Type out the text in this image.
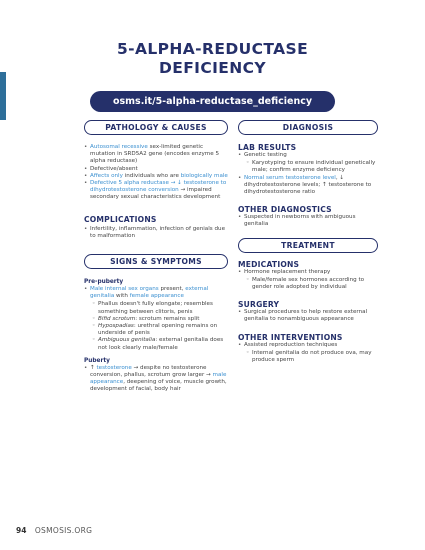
5-ALPHA-REDUCTASE
DEFICIENCY
osms.it/5-alpha-reductase_deficiency
PATHOLOGY & CAUSES
• Autosomal recessive sex-limited genetic mutation in SRD5A2 gene (encodes enzyme 5 alpha reductase)
• Defective/absent
• Affects only individuals who are biologically male
• Defective 5 alpha reductase → ↓ testosterone to dihydrotestosterone conversion → impaired secondary sexual characteristics development
COMPLICATIONS
• Infertility, inflammation, infection of genials due to malformation
SIGNS & SYMPTOMS
Pre-puberty
• Male internal sex organs present, external genitalia with female appearance
◦ Phallus doesn't fully elongate; resembles something between clitoris, penis
◦ Bifid scrotum: scrotum remains split
◦ Hypospadias: urethral opening remains on underside of penis
◦ Ambiguous genitalia: external genitalia does not look clearly male/female
Puberty
• ↑ testosterone → despite no testosterone conversion, phallus, scrotum grow larger → male appearance, deepening of voice, muscle growth, development of facial, body hair
DIAGNOSIS
LAB RESULTS
• Genetic testing
◦ Karyotyping to ensure individual genetically male; confirm enzyme deficiency
• Normal serum testosterone level, ↓ dihydrotestosterone levels; ↑ testosterone to dihydrotestosterone ratio
OTHER DIAGNOSTICS
• Suspected in newborns with ambiguous genitalia
TREATMENT
MEDICATIONS
• Hormone replacement therapy
◦ Male/female sex hormones according to gender role adopted by individual
SURGERY
• Surgical procedures to help restore external genitalia to nonambiguous appearance
OTHER INTERVENTIONS
• Assisted reproduction techniques
◦ Internal genitalia do not produce ova, may produce sperm
94 OSMOSIS.ORG
